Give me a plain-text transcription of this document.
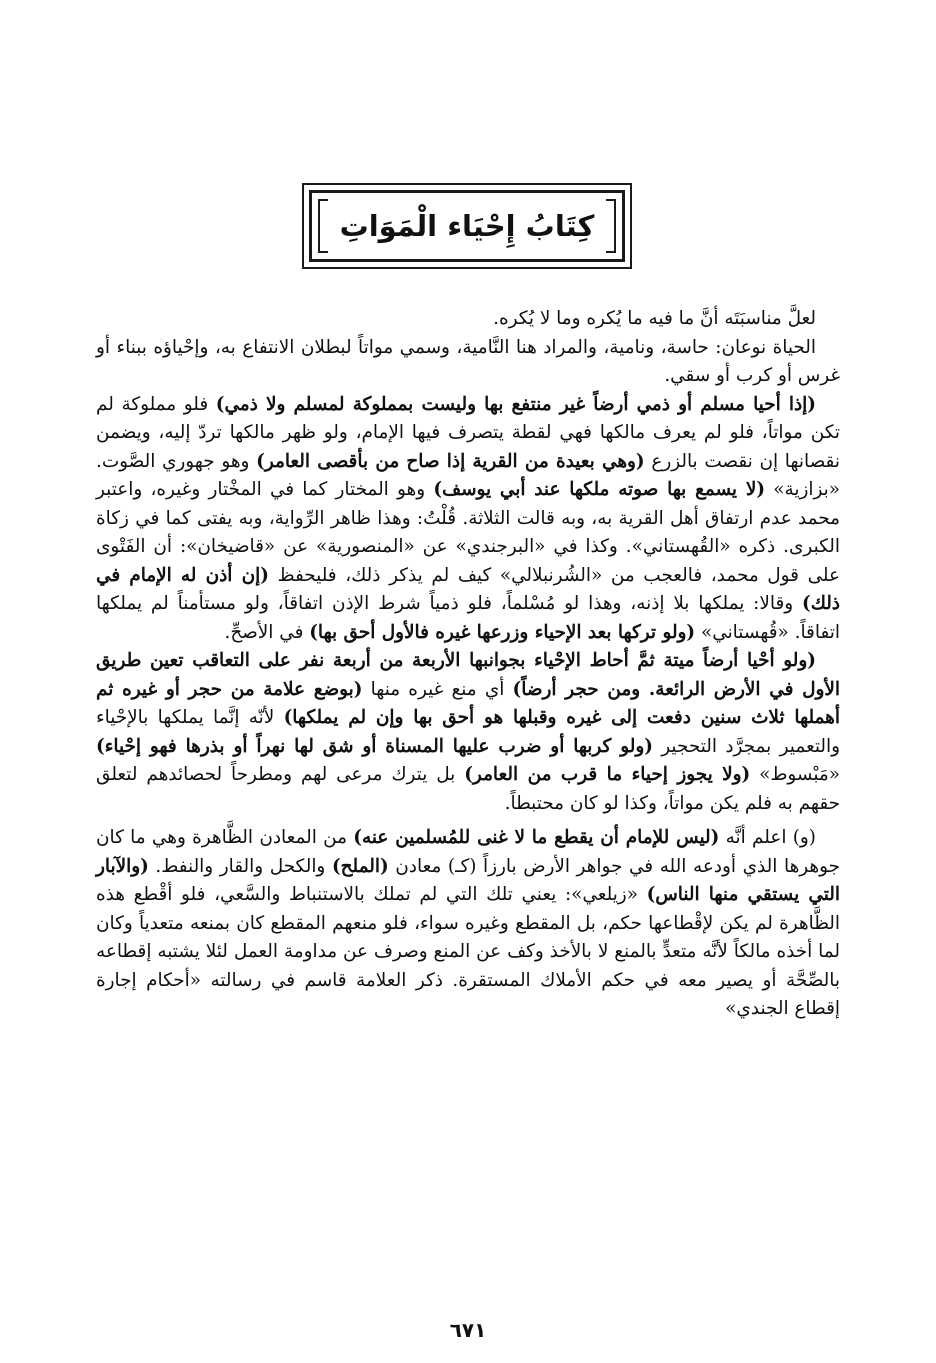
كِتَابُ إِحْيَاء الْمَوَاتِ

لعلَّ مناسبَتَه أنَّ ما فيه ما يُكره وما لا يُكره.

الحياة نوعان: حاسة، ونامية، والمراد هنا النَّامية، وسمي مواتاً لبطلان الانتفاع به، وإحْياؤه ببناء أو غرس أو كرب أو سقي.

(إذا أحيا مسلم أو ذمي أرضاً غير منتفع بها وليست بمملوكة لمسلم ولا ذمي) فلو مملوكة لم تكن مواتاً، فلو لم يعرف مالكها فهي لقطة يتصرف فيها الإمام، ولو ظهر مالكها تردّ إليه، ويضمن نقصانها إن نقصت بالزرع (وهي بعيدة من القرية إذا صاح من بأقصى العامر) وهو جهوري الصَّوت. «بزازية» (لا يسمع بها صوته ملكها عند أبي يوسف) وهو المختار كما في المخْتار وغيره، واعتبر محمد عدم ارتفاق أهل القرية به، وبه قالت الثلاثة. قُلْتُ: وهذا ظاهر الرِّواية، وبه يفتى كما في زكاة الكبرى. ذكره «القُهستاني». وكذا في «البرجندي» عن «المنصورية» عن «قاضيخان»: أن الفَتْوى على قول محمد، فالعجب من «الشُرنبلالي» كيف لم يذكر ذلك، فليحفظ (إن أذن له الإمام في ذلك) وقالا: يملكها بلا إذنه، وهذا لو مُسْلماً، فلو ذمياً شرط الإذن اتفاقاً، ولو مستأمناً لم يملكها اتفاقاً. «قُهستاني» (ولو تركها بعد الإحياء وزرعها غيره فالأول أحق بها) في الأصحِّ.

(ولو أحْيا أرضاً ميتة ثمَّ أحاط الإحْياء بجوانبها الأربعة من أربعة نفر على التعاقب تعين طريق الأول في الأرض الرائعة. ومن حجر أرضاً) أي منع غيره منها (بوضع علامة من حجر أو غيره ثم أهملها ثلاث سنين دفعت إلى غيره وقبلها هو أحق بها وإن لم يملكها) لأنّه إنَّما يملكها بالإحْياء والتعمير بمجرَّد التحجير (ولو كربها أو ضرب عليها المسناة أو شق لها نهراً أو بذرها فهو إحْياء) «مَبْسوط» (ولا يجوز إحياء ما قرب من العامر) بل يترك مرعى لهم ومطرحاً لحصائدهم لتعلق حقهم به فلم يكن مواتاً، وكذا لو كان محتبطاً.

(و) اعلم أنَّه (ليس للإمام أن يقطع ما لا غنى للمُسلمين عنه) من المعادن الظَّاهرة وهي ما كان جوهرها الذي أودعه الله في جواهر الأرض بارزاً (كـ) معادن (الملح) والكحل والقار والنفط. (والآبار التي يستقي منها الناس) «زيلعي»: يعني تلك التي لم تملك بالاستنباط والسَّعي، فلو أقْطع هذه الظَّاهرة لم يكن لإقْطاعها حكم، بل المقطع وغيره سواء، فلو منعهم المقطع كان بمنعه متعدياً وكان لما أخذه مالكاً لأنَّه متعدٍّ بالمنع لا بالأخذ وكف عن المنع وصرف عن مداومة العمل لئلا يشتبه إقطاعه بالصِّحَّة أو يصير معه في حكم الأملاك المستقرة. ذكر العلامة قاسم في رسالته «أحكام إجارة إقطاع الجندي»

٦٧١
